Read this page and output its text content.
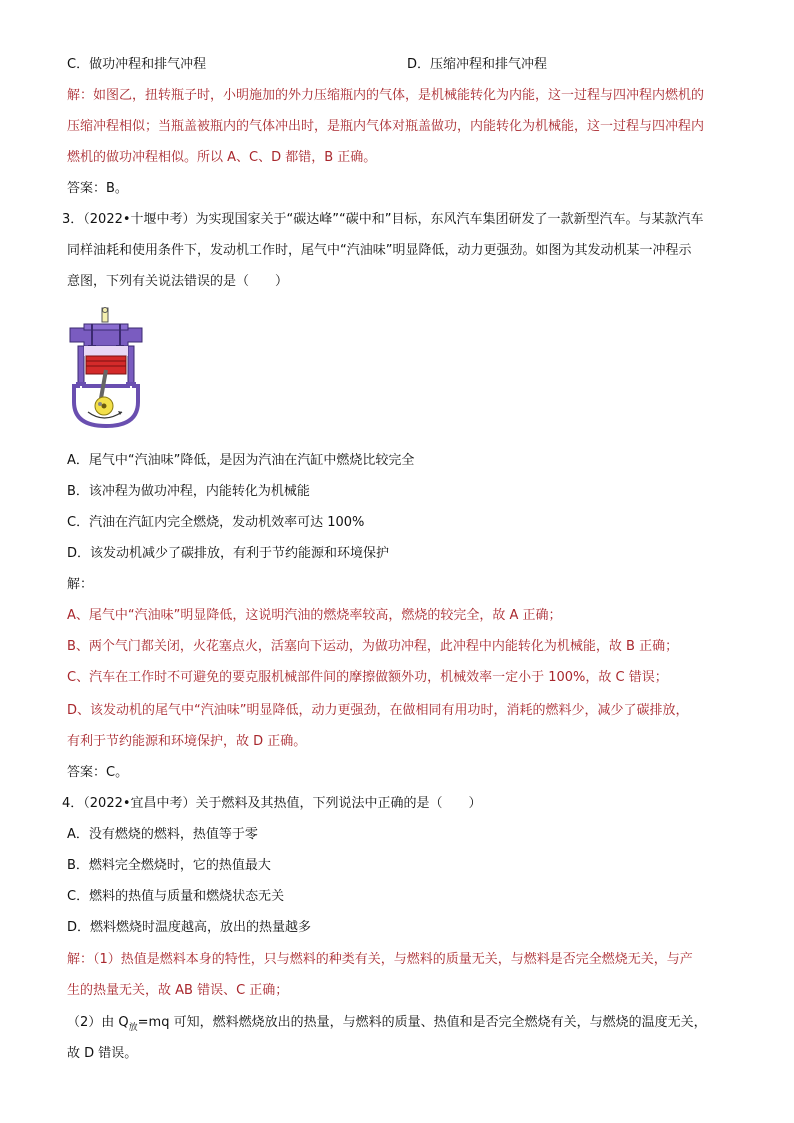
C．做功冲程和排气冲程	D．压缩冲程和排气冲程
解：如图乙，扭转瓶子时，小明施加的外力压缩瓶内的气体，是机械能转化为内能，这一过程与四冲程内燃机的
压缩冲程相似；当瓶盖被瓶内的气体冲出时，是瓶内气体对瓶盖做功，内能转化为机械能，这一过程与四冲程内
燃机的做功冲程相似。所以 A、C、D 都错，B 正确。
答案：B。
3．（2022•十堰中考）为实现国家关于“碳达峰”“碳中和”目标，东风汽车集团研发了一款新型汽车。与某款汽车
同样油耗和使用条件下，发动机工作时，尾气中“汽油味”明显降低，动力更强劲。如图为其发动机某一冲程示
意图，下列有关说法错误的是（　　）
A．尾气中“汽油味”降低，是因为汽油在汽缸中燃烧比较完全
B．该冲程为做功冲程，内能转化为机械能
C．汽油在汽缸内完全燃烧，发动机效率可达 100%
D．该发动机减少了碳排放，有利于节约能源和环境保护
解：
A、尾气中“汽油味”明显降低，这说明汽油的燃烧率较高，燃烧的较完全，故 A 正确；
B、两个气门都关闭，火花塞点火，活塞向下运动，为做功冲程，此冲程中内能转化为机械能，故 B 正确；
C、汽车在工作时不可避免的要克服机械部件间的摩擦做额外功，机械效率一定小于 100%，故 C 错误；
D、该发动机的尾气中“汽油味”明显降低，动力更强劲，在做相同有用功时，消耗的燃料少，减少了碳排放，
有利于节约能源和环境保护，故 D 正确。
答案：C。
4．（2022•宜昌中考）关于燃料及其热值，下列说法中正确的是（　　）
A．没有燃烧的燃料，热值等于零
B．燃料完全燃烧时，它的热值最大
C．燃料的热值与质量和燃烧状态无关
D．燃料燃烧时温度越高，放出的热量越多
解：（1）热值是燃料本身的特性，只与燃料的种类有关，与燃料的质量无关，与燃料是否完全燃烧无关，与产
生的热量无关，故 AB 错误、C 正确；
（2）由 $Q_放=mq$ 可知，燃料燃烧放出的热量，与燃料的质量、热值和是否完全燃烧有关，与燃烧的温度无关，
故 D 错误。
